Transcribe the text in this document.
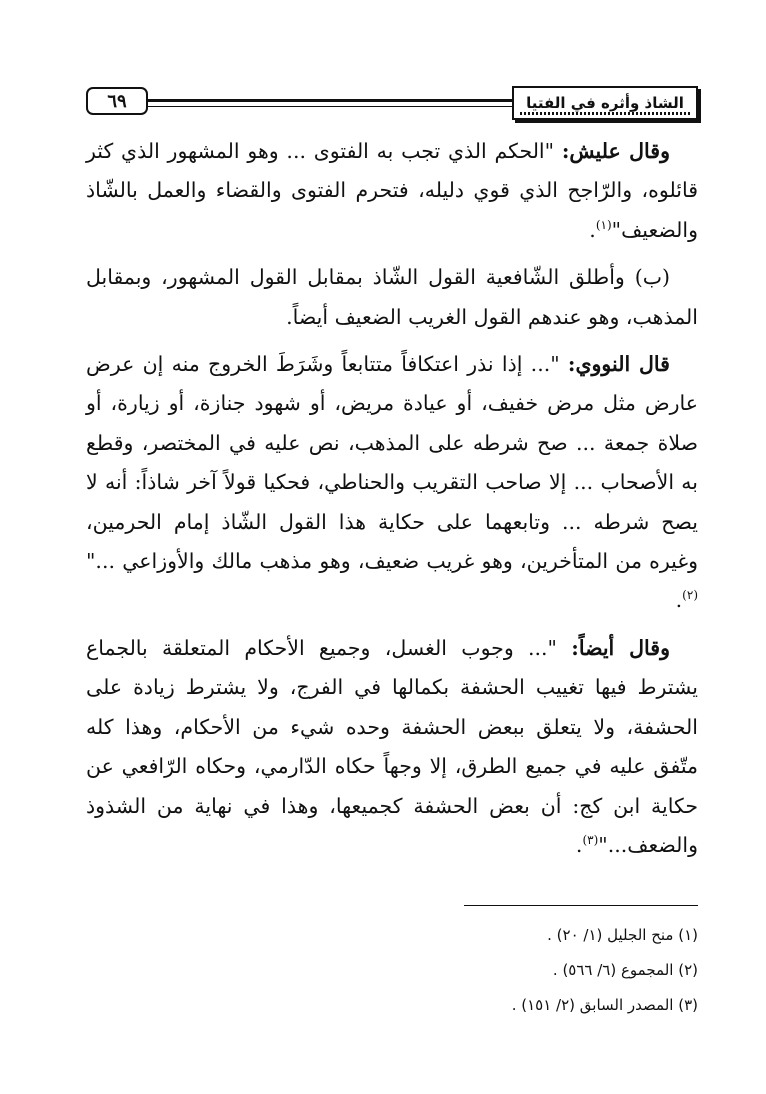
٦٩	الشاذ وأثره في الفتيا

وقال عليش: "الحكم الذي تجب به الفتوى ... وهو المشهور الذي كثر قائلوه، والرّاجح الذي قوي دليله، فتحرم الفتوى والقضاء والعمل بالشّاذ والضعيف"$^{(١)}$.

(ب) وأطلق الشّافعية القول الشّاذ بمقابل القول المشهور، وبمقابل المذهب، وهو عندهم القول الغريب الضعيف أيضاً.

قال النووي: "... إذا نذر اعتكافاً متتابعاً وشَرَطَ الخروج منه إن عرض عارض مثل مرض خفيف، أو عيادة مريض، أو شهود جنازة، أو زيارة، أو صلاة جمعة ... صح شرطه على المذهب، نص عليه في المختصر، وقطع به الأصحاب ... إلا صاحب التقريب والحناطي، فحكيا قولاً آخر شاذاً: أنه لا يصح شرطه ... وتابعهما على حكاية هذا القول الشّاذ إمام الحرمين، وغيره من المتأخرين، وهو غريب ضعيف، وهو مذهب مالك والأوزاعي ..."$^{(٢)}$.

وقال أيضاً: "... وجوب الغسل، وجميع الأحكام المتعلقة بالجماع يشترط فيها تغييب الحشفة بكمالها في الفرج، ولا يشترط زيادة على الحشفة، ولا يتعلق ببعض الحشفة وحده شيء من الأحكام، وهذا كله متّفق عليه في جميع الطرق، إلا وجهاً حكاه الدّارمي، وحكاه الرّافعي عن حكاية ابن كج: أن بعض الحشفة كجميعها، وهذا في نهاية من الشذوذ والضعف..."$^{(٣)}$.

(١) منح الجليل (١/ ٢٠) .
(٢) المجموع (٦/ ٥٦٦) .
(٣) المصدر السابق (٢/ ١٥١) .
